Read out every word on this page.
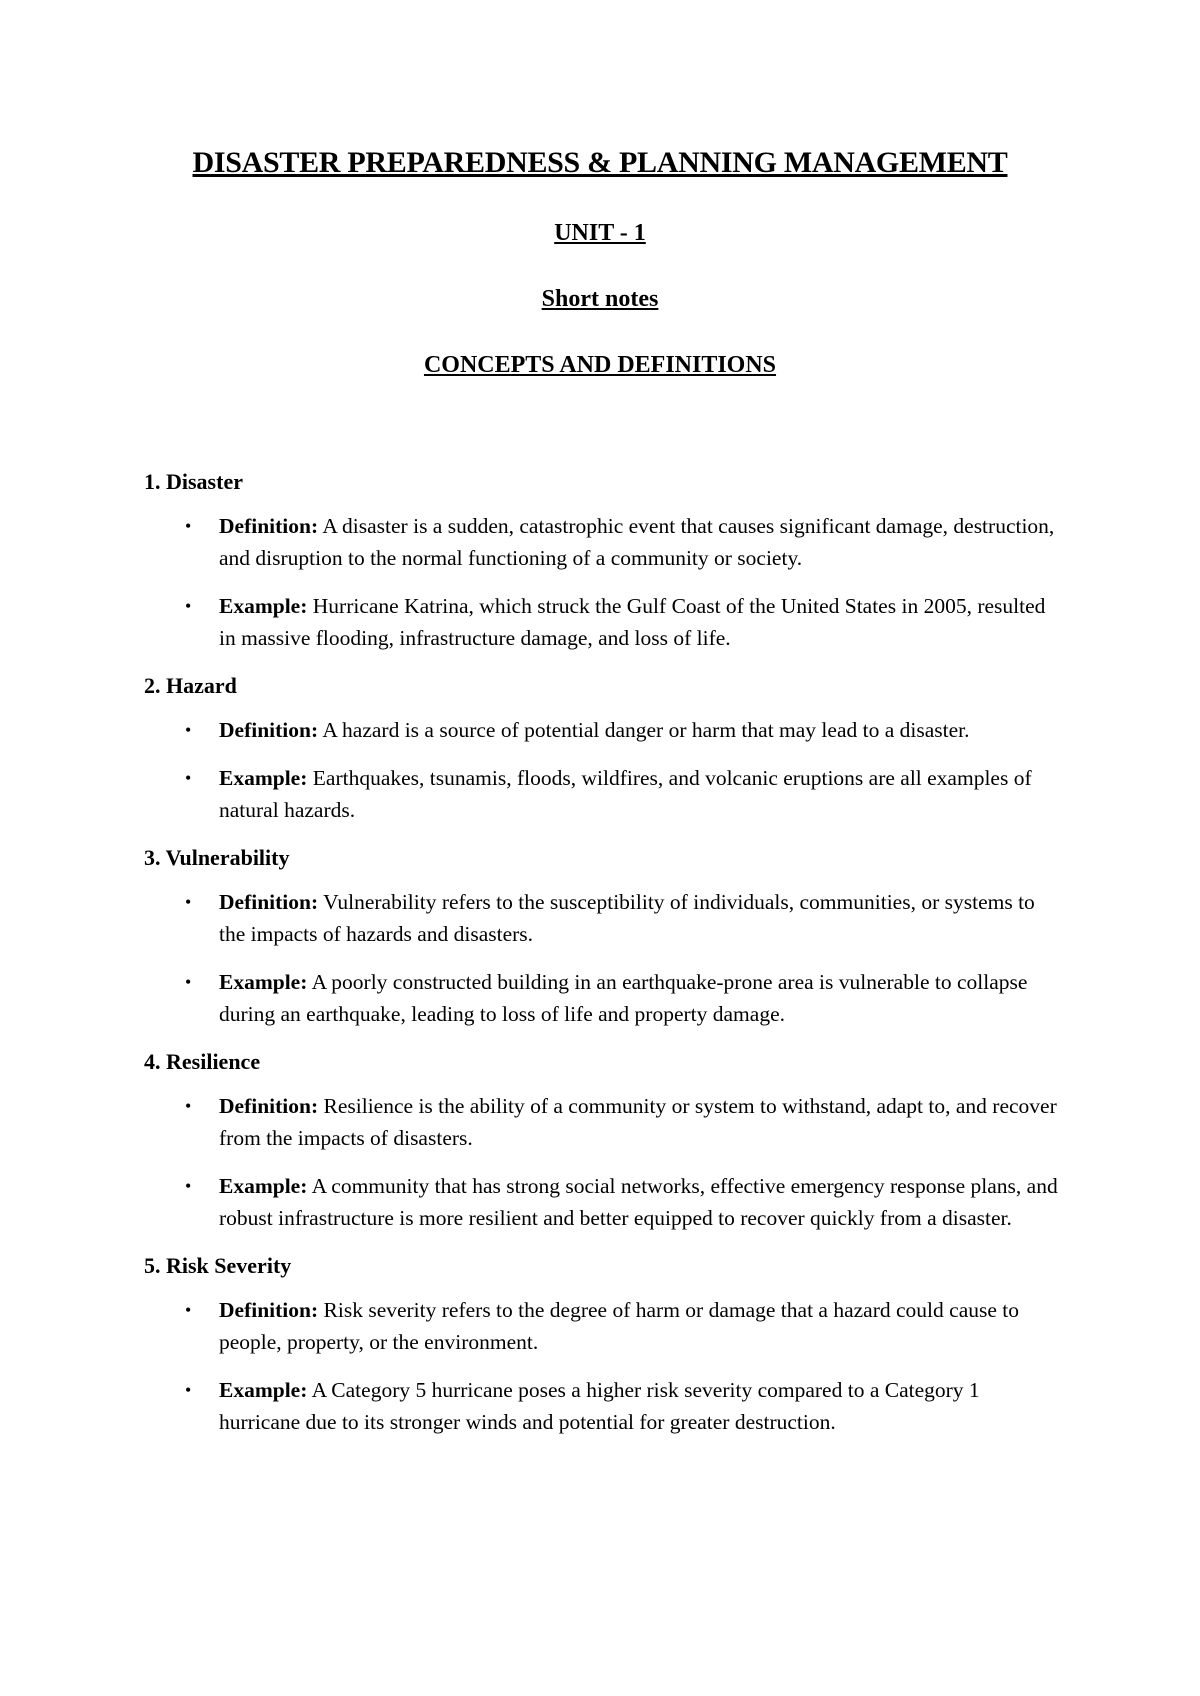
DISASTER PREPAREDNESS & PLANNING MANAGEMENT
UNIT - 1
Short notes
CONCEPTS AND DEFINITIONS
1. Disaster
• Definition: A disaster is a sudden, catastrophic event that causes significant damage, destruction, and disruption to the normal functioning of a community or society.
• Example: Hurricane Katrina, which struck the Gulf Coast of the United States in 2005, resulted in massive flooding, infrastructure damage, and loss of life.
2. Hazard
• Definition: A hazard is a source of potential danger or harm that may lead to a disaster.
• Example: Earthquakes, tsunamis, floods, wildfires, and volcanic eruptions are all examples of natural hazards.
3. Vulnerability
• Definition: Vulnerability refers to the susceptibility of individuals, communities, or systems to the impacts of hazards and disasters.
• Example: A poorly constructed building in an earthquake-prone area is vulnerable to collapse during an earthquake, leading to loss of life and property damage.
4. Resilience
• Definition: Resilience is the ability of a community or system to withstand, adapt to, and recover from the impacts of disasters.
• Example: A community that has strong social networks, effective emergency response plans, and robust infrastructure is more resilient and better equipped to recover quickly from a disaster.
5. Risk Severity
• Definition: Risk severity refers to the degree of harm or damage that a hazard could cause to people, property, or the environment.
• Example: A Category 5 hurricane poses a higher risk severity compared to a Category 1 hurricane due to its stronger winds and potential for greater destruction.
